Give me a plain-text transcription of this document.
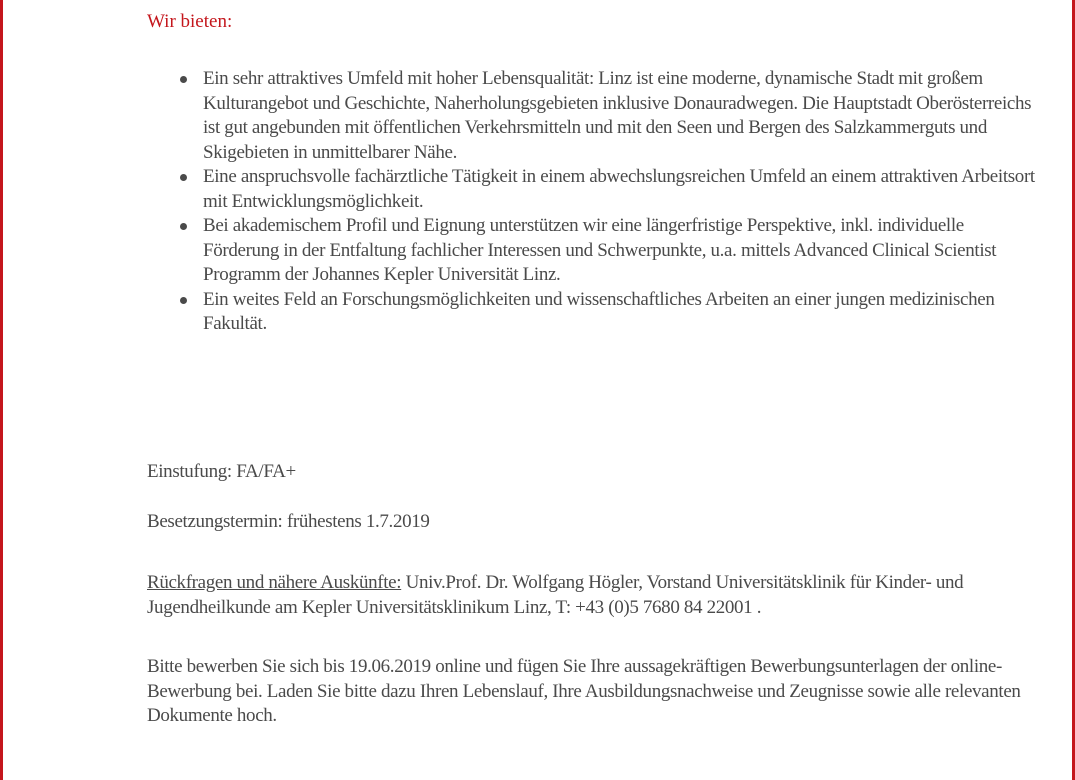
Wir bieten:
Ein sehr attraktives Umfeld mit hoher Lebensqualität: Linz ist eine moderne, dynamische Stadt mit großem Kulturangebot und Geschichte, Naherholungsgebieten inklusive Donauradwegen. Die Hauptstadt Oberösterreichs ist gut angebunden mit öffentlichen Verkehrsmitteln und mit den Seen und Bergen des Salzkammerguts und Skigebieten in unmittelbarer Nähe.
Eine anspruchsvolle fachärztliche Tätigkeit in einem abwechslungsreichen Umfeld an einem attraktiven Arbeitsort mit Entwicklungsmöglichkeit.
Bei akademischem Profil und Eignung unterstützen wir eine längerfristige Perspektive, inkl. individuelle Förderung in der Entfaltung fachlicher Interessen und Schwerpunkte, u.a. mittels Advanced Clinical Scientist Programm der Johannes Kepler Universität Linz.
Ein weites Feld an Forschungsmöglichkeiten und wissenschaftliches Arbeiten an einer jungen medizinischen Fakultät.

Einstufung: FA/FA+

Besetzungstermin: frühestens 1.7.2019

Rückfragen und nähere Auskünfte: Univ.Prof. Dr. Wolfgang Högler, Vorstand Universitätsklinik für Kinder- und Jugendheilkunde am Kepler Universitätsklinikum Linz, T: +43 (0)5 7680 84 22001 .

Bitte bewerben Sie sich bis 19.06.2019 online und fügen Sie Ihre aussagekräftigen Bewerbungsunterlagen der online-Bewerbung bei. Laden Sie bitte dazu Ihren Lebenslauf, Ihre Ausbildungsnachweise und Zeugnisse sowie alle relevanten Dokumente hoch.
